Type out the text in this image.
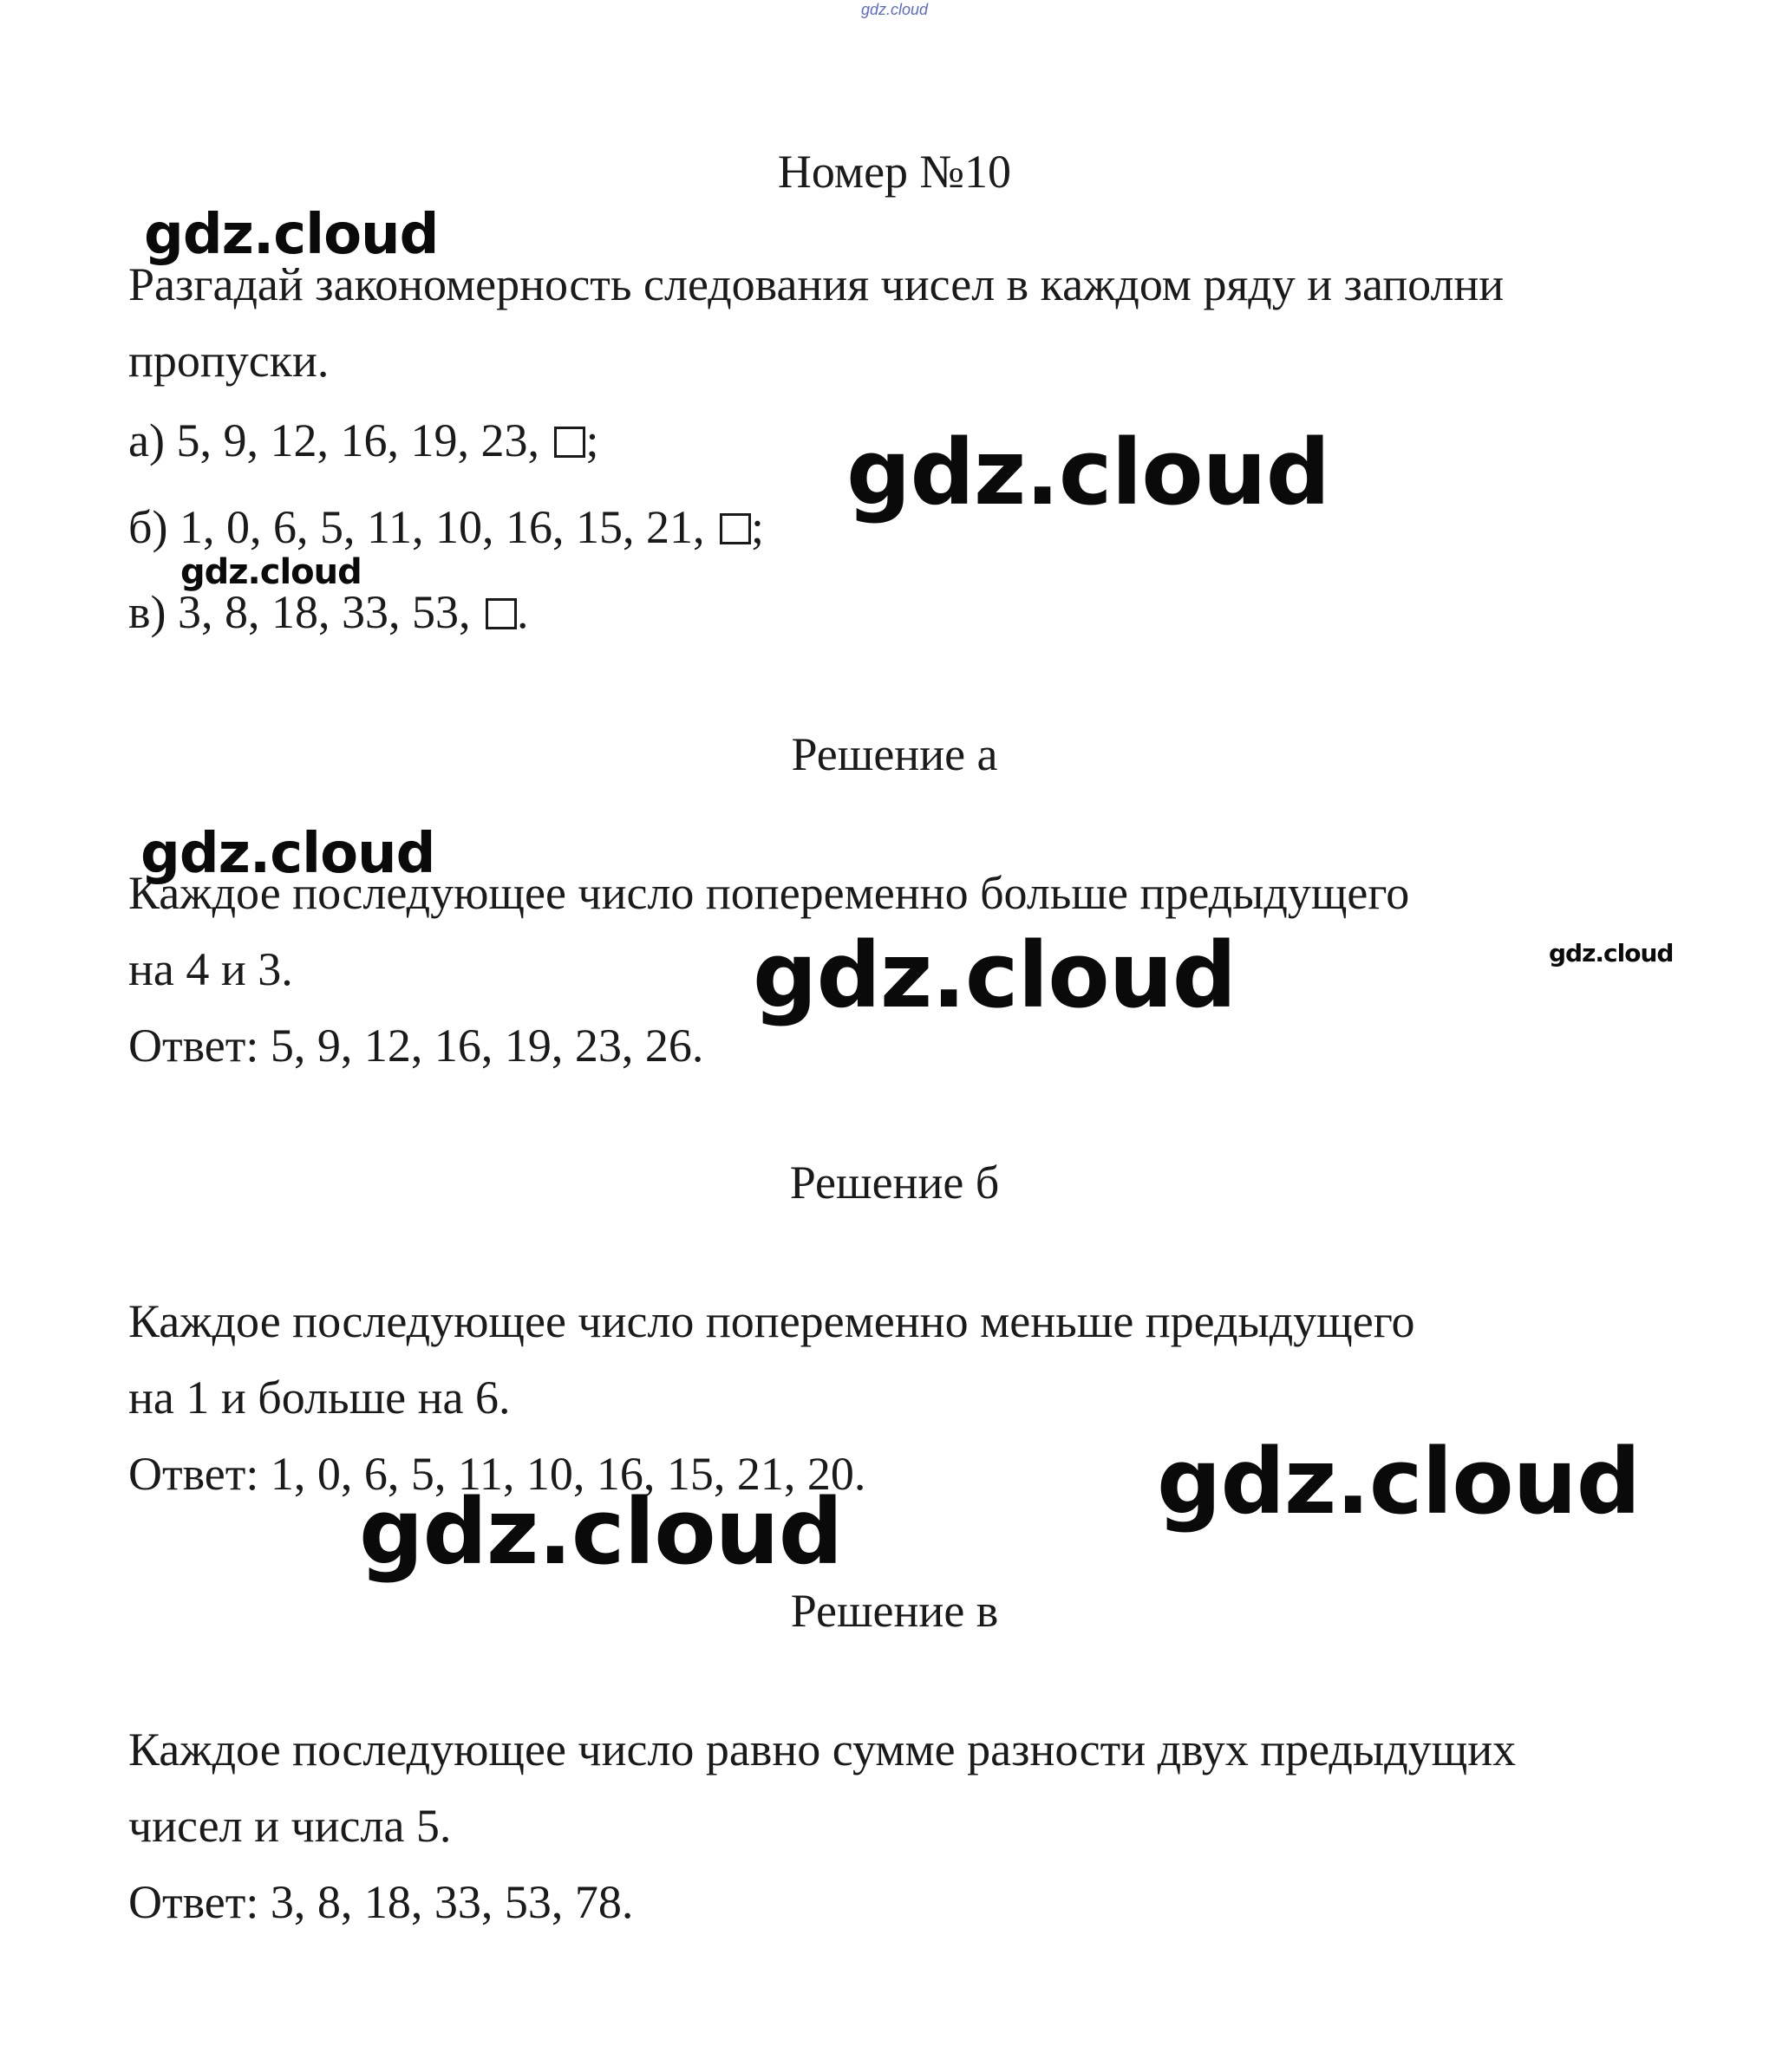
gdz.cloud
Номер №10
Разгадай закономерность следования чисел в каждом ряду и заполни
пропуски.
а) 5, 9, 12, 16, 19, 23, ;
б) 1, 0, 6, 5, 11, 10, 16, 15, 21, ;
в) 3, 8, 18, 33, 53, .
Решение а
Каждое последующее число попеременно больше предыдущего
на 4 и 3.
Ответ: 5, 9, 12, 16, 19, 23, 26.
Решение б
Каждое последующее число попеременно меньше предыдущего
на 1 и больше на 6.
Ответ: 1, 0, 6, 5, 11, 10, 16, 15, 21, 20.
Решение в
Каждое последующее число равно сумме разности двух предыдущих
чисел и числа 5.
Ответ: 3, 8, 18, 33, 53, 78.
gdz.cloud
gdz.cloud
gdz.cloud
gdz.cloud
gdz.cloud	gdz.cloud
gdz.cloud
gdz.cloud
